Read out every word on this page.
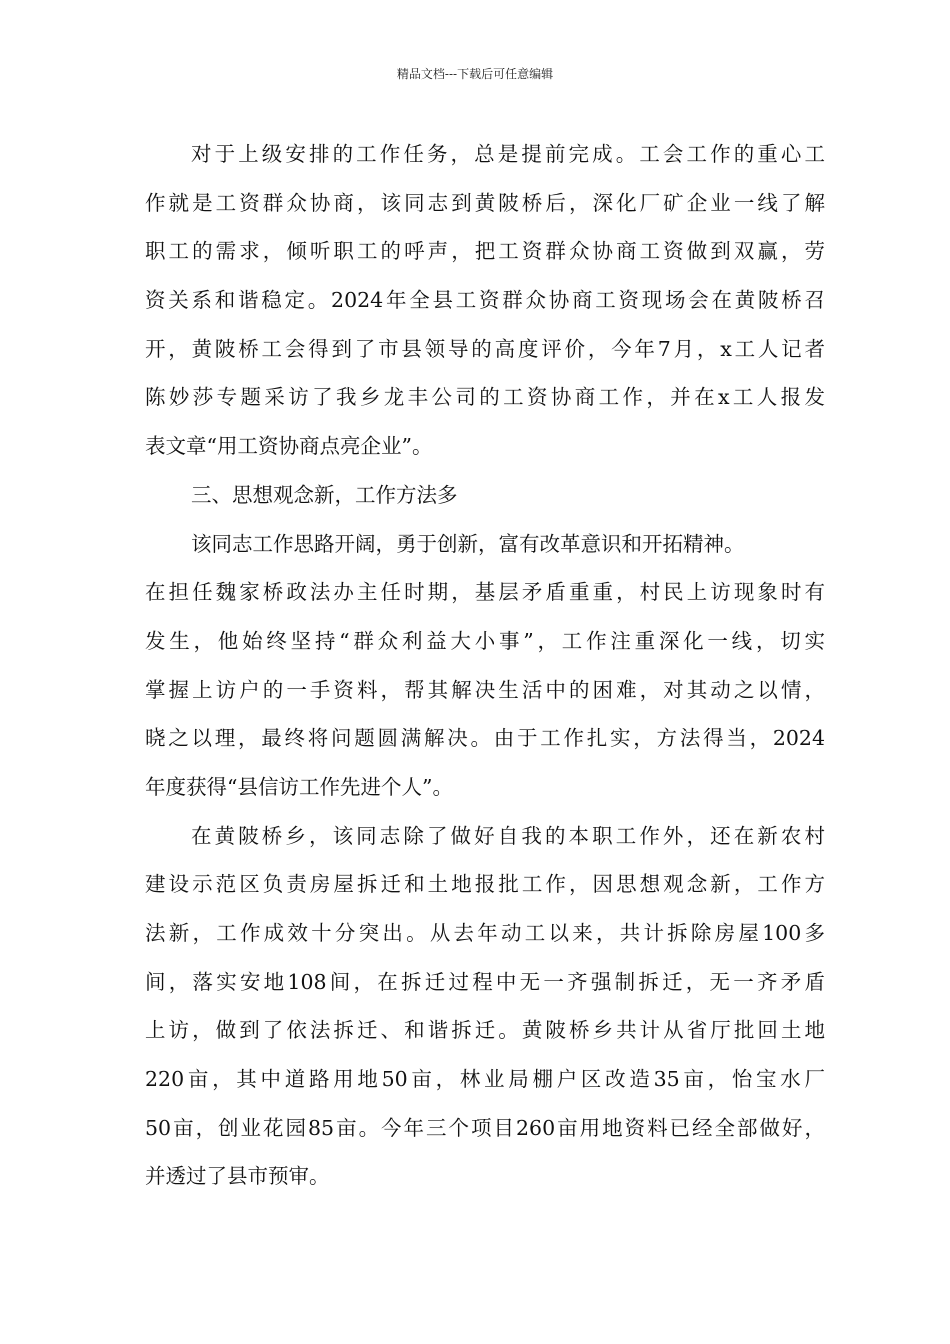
精品文档---下载后可任意编辑
对于上级安排的工作任务，总是提前完成。工会工作的重心工
作就是工资群众协商，该同志到黄陂桥后，深化厂矿企业一线了解
职工的需求，倾听职工的呼声，把工资群众协商工资做到双赢，劳
资关系和谐稳定。2024年全县工资群众协商工资现场会在黄陂桥召
开，黄陂桥工会得到了市县领导的高度评价，今年7月，x工人记者
陈妙莎专题采访了我乡龙丰公司的工资协商工作，并在x工人报发
表文章“用工资协商点亮企业”。
三、思想观念新，工作方法多
该同志工作思路开阔，勇于创新，富有改革意识和开拓精神。
在担任魏家桥政法办主任时期，基层矛盾重重，村民上访现象时有
发生，他始终坚持“群众利益大小事”，工作注重深化一线，切实
掌握上访户的一手资料，帮其解决生活中的困难，对其动之以情，
晓之以理，最终将问题圆满解决。由于工作扎实，方法得当，2024
年度获得“县信访工作先进个人”。
在黄陂桥乡，该同志除了做好自我的本职工作外，还在新农村
建设示范区负责房屋拆迁和土地报批工作，因思想观念新，工作方
法新，工作成效十分突出。从去年动工以来，共计拆除房屋100多
间，落实安地108间，在拆迁过程中无一齐强制拆迁，无一齐矛盾
上访，做到了依法拆迁、和谐拆迁。黄陂桥乡共计从省厅批回土地
220亩，其中道路用地50亩，林业局棚户区改造35亩，怡宝水厂
50亩，创业花园85亩。今年三个项目260亩用地资料已经全部做好，
并透过了县市预审。
